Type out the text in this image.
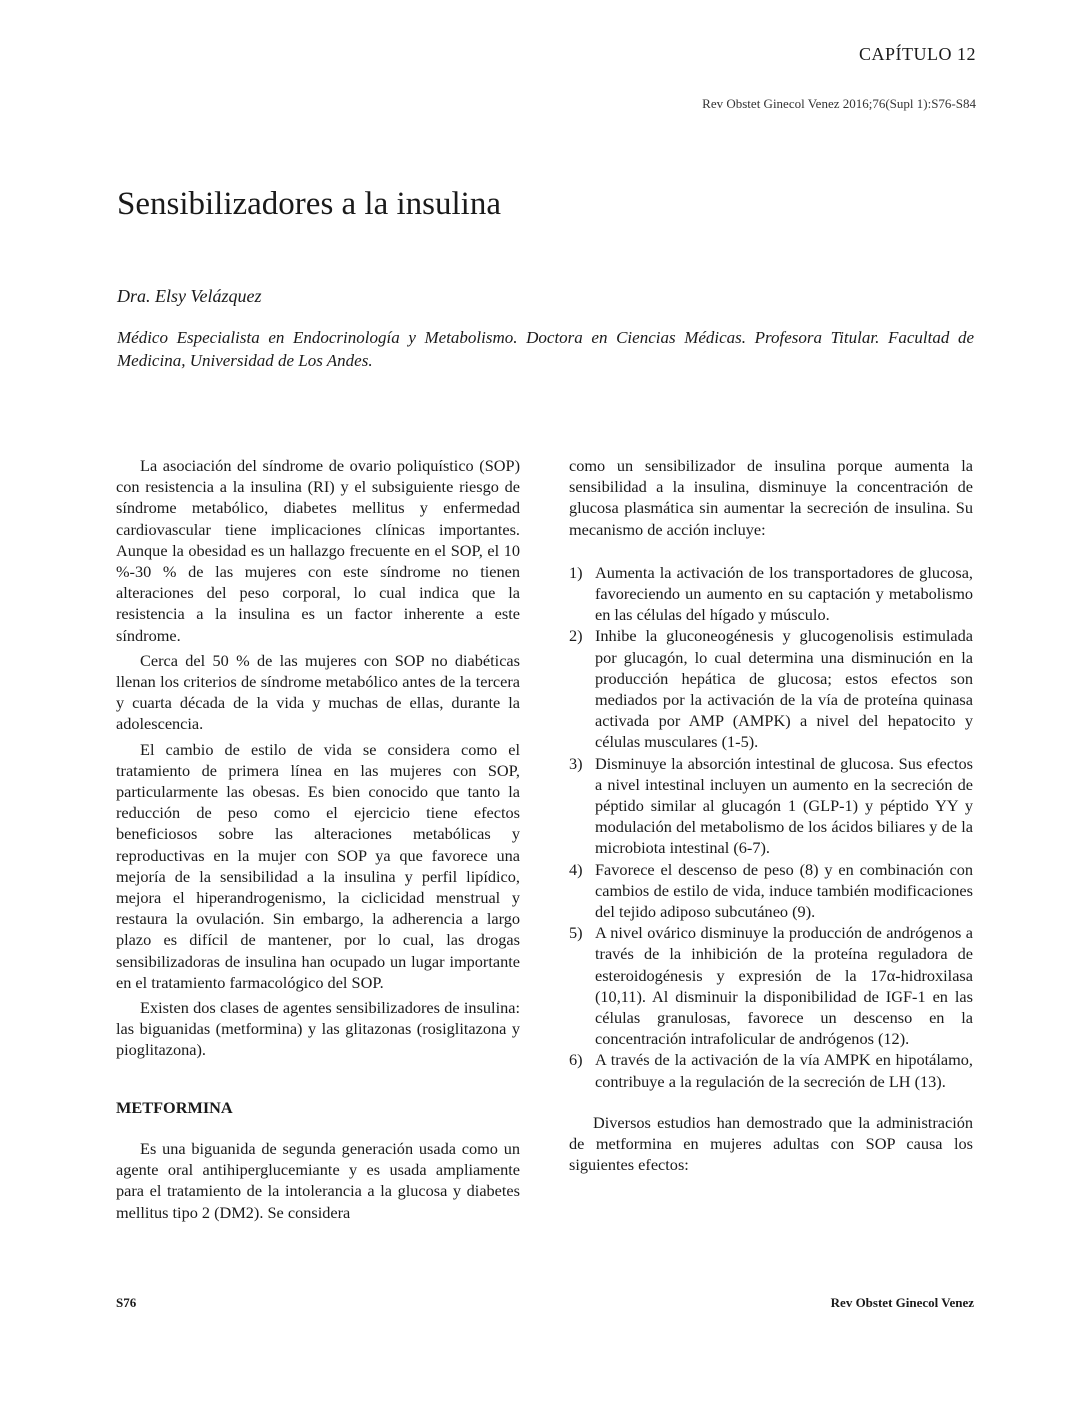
CAPÍTULO 12
Rev Obstet Ginecol Venez 2016;76(Supl 1):S76-S84
Sensibilizadores a la insulina
Dra. Elsy Velázquez
Médico Especialista en Endocrinología y Metabolismo. Doctora en Ciencias Médicas. Profesora Titular. Facultad de Medicina, Universidad de Los Andes.

La asociación del síndrome de ovario poliquístico (SOP) con resistencia a la insulina (RI) y el subsiguiente riesgo de síndrome metabólico, diabetes mellitus y enfermedad cardiovascular tiene implicaciones clínicas importantes. Aunque la obesidad es un hallazgo frecuente en el SOP, el 10 %-30 % de las mujeres con este síndrome no tienen alteraciones del peso corporal, lo cual indica que la resistencia a la insulina es un factor inherente a este síndrome.

Cerca del 50 % de las mujeres con SOP no diabéticas llenan los criterios de síndrome metabólico antes de la tercera y cuarta década de la vida y muchas de ellas, durante la adolescencia.

El cambio de estilo de vida se considera como el tratamiento de primera línea en las mujeres con SOP, particularmente las obesas. Es bien conocido que tanto la reducción de peso como el ejercicio tiene efectos beneficiosos sobre las alteraciones metabólicas y reproductivas en la mujer con SOP ya que favorece una mejoría de la sensibilidad a la insulina y perfil lipídico, mejora el hiperandrogenismo, la ciclicidad menstrual y restaura la ovulación. Sin embargo, la adherencia a largo plazo es difícil de mantener, por lo cual, las drogas sensibilizadoras de insulina han ocupado un lugar importante en el tratamiento farmacológico del SOP.

Existen dos clases de agentes sensibilizadores de insulina: las biguanidas (metformina) y las glitazonas (rosiglitazona y pioglitazona).

METFORMINA

Es una biguanida de segunda generación usada como un agente oral antihiperglucemiante y es usada ampliamente para el tratamiento de la intolerancia a la glucosa y diabetes mellitus tipo 2 (DM2). Se considera

como un sensibilizador de insulina porque aumenta la sensibilidad a la insulina, disminuye la concentración de glucosa plasmática sin aumentar la secreción de insulina. Su mecanismo de acción incluye:

1) Aumenta la activación de los transportadores de glucosa, favoreciendo un aumento en su captación y metabolismo en las células del hígado y músculo.
2) Inhibe la gluconeogénesis y glucogenolisis estimulada por glucagón, lo cual determina una disminución en la producción hepática de glucosa; estos efectos son mediados por la activación de la vía de proteína quinasa activada por AMP (AMPK) a nivel del hepatocito y células musculares (1-5).
3) Disminuye la absorción intestinal de glucosa. Sus efectos a nivel intestinal incluyen un aumento en la secreción de péptido similar al glucagón 1 (GLP-1) y péptido YY y modulación del metabolismo de los ácidos biliares y de la microbiota intestinal (6-7).
4) Favorece el descenso de peso (8) y en combinación con cambios de estilo de vida, induce también modificaciones del tejido adiposo subcutáneo (9).
5) A nivel ovárico disminuye la producción de andrógenos a través de la inhibición de la proteína reguladora de esteroidogénesis y expresión de la 17α-hidroxilasa (10,11). Al disminuir la disponibilidad de IGF-1 en las células granulosas, favorece un descenso en la concentración intrafolicular de andrógenos (12).
6) A través de la activación de la vía AMPK en hipotálamo, contribuye a la regulación de la secreción de LH (13).

Diversos estudios han demostrado que la administración de metformina en mujeres adultas con SOP causa los siguientes efectos:

S76	Rev Obstet Ginecol Venez
